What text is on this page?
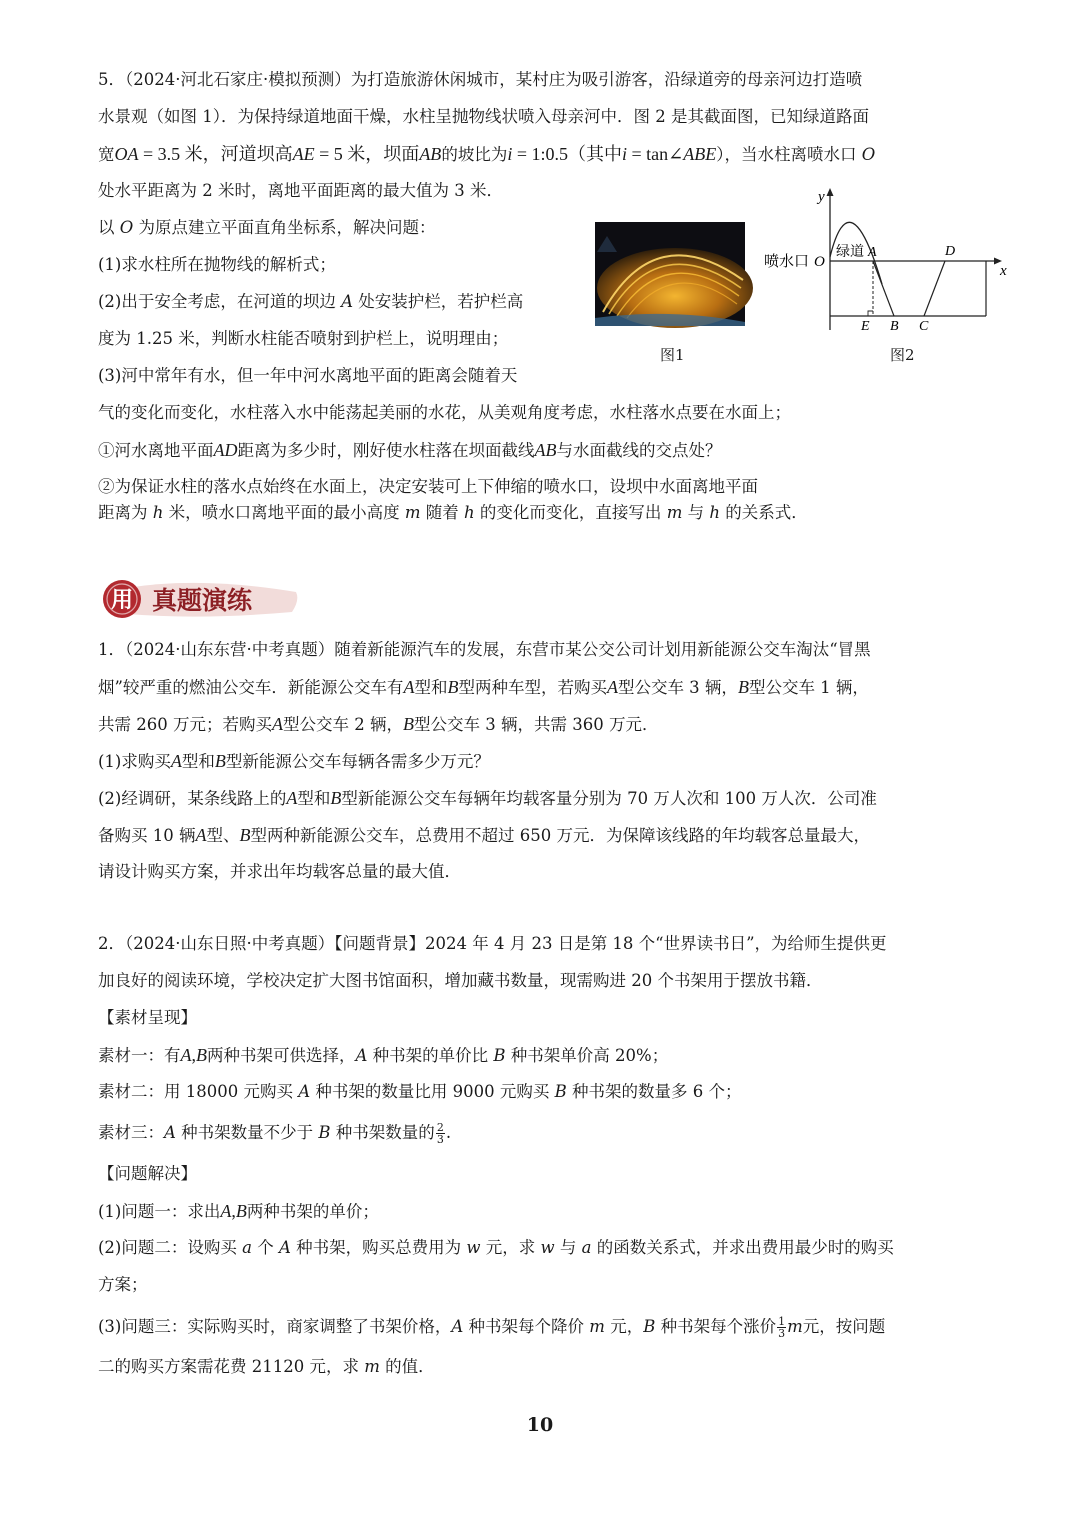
5．（2024·河北石家庄·模拟预测）为打造旅游休闲城市，某村庄为吸引游客，沿绿道旁的母亲河边打造喷
水景观（如图 1）．为保持绿道地面干燥，水柱呈抛物线状喷入母亲河中．图 2 是其截面图，已知绿道路面
宽OA = 3.5 米，河道坝高AE = 5 米，坝面AB的坡比为i = 1:0.5（其中i = tan∠ABE），当水柱离喷水口 O
处水平距离为 2 米时，离地平面距离的最大值为 3 米．
以 O 为原点建立平面直角坐标系，解决问题：
(1)求水柱所在抛物线的解析式；
(2)出于安全考虑，在河道的坝边 A 处安装护栏，若护栏高
度为 1.25 米，判断水柱能否喷射到护栏上，说明理由；
(3)河中常年有水，但一年中河水离地平面的距离会随着天
气的变化而变化，水柱落入水中能荡起美丽的水花，从美观角度考虑，水柱落水点要在水面上；
①河水离地平面AD距离为多少时，刚好使水柱落在坝面截线AB与水面截线的交点处？
②为保证水柱的落水点始终在水面上，决定安装可上下伸缩的喷水口，设坝中水面离地平面
距离为 h 米，喷水口离地平面的最小高度 m 随着 h 的变化而变化，直接写出 m 与 h 的关系式．
图1
y
x
喷水口 O
绿道 A	D
E B C
图2
用 真题演练
1．（2024·山东东营·中考真题）随着新能源汽车的发展，东营市某公交公司计划用新能源公交车淘汰“冒黑
烟”较严重的燃油公交车．新能源公交车有A型和B型两种车型，若购买A型公交车 3 辆，B型公交车 1 辆，
共需 260 万元；若购买A型公交车 2 辆，B型公交车 3 辆，共需 360 万元．
(1)求购买A型和B型新能源公交车每辆各需多少万元？
(2)经调研，某条线路上的A型和B型新能源公交车每辆年均载客量分别为 70 万人次和 100 万人次．公司准
备购买 10 辆A型、B型两种新能源公交车，总费用不超过 650 万元．为保障该线路的年均载客总量最大，
请设计购买方案，并求出年均载客总量的最大值．
2．（2024·山东日照·中考真题）【问题背景】2024 年 4 月 23 日是第 18 个“世界读书日”，为给师生提供更
加良好的阅读环境，学校决定扩大图书馆面积，增加藏书数量，现需购进 20 个书架用于摆放书籍．
【素材呈现】
素材一：有A,B两种书架可供选择，A 种书架的单价比 B 种书架单价高 20%；
素材二：用 18000 元购买 A 种书架的数量比用 9000 元购买 B 种书架的数量多 6 个；
素材三：A 种书架数量不少于 B 种书架数量的 $\frac{2}{3}$ .
【问题解决】
(1)问题一：求出A,B两种书架的单价；
(2)问题二：设购买 a 个 A 种书架，购买总费用为 w 元，求 w 与 a 的函数关系式，并求出费用最少时的购买
方案；
(3)问题三：实际购买时，商家调整了书架价格，A 种书架每个降价 m 元，B 种书架每个涨价 $\frac{1}{3}$ m元，按问题
二的购买方案需花费 21120 元，求 m 的值．
10
